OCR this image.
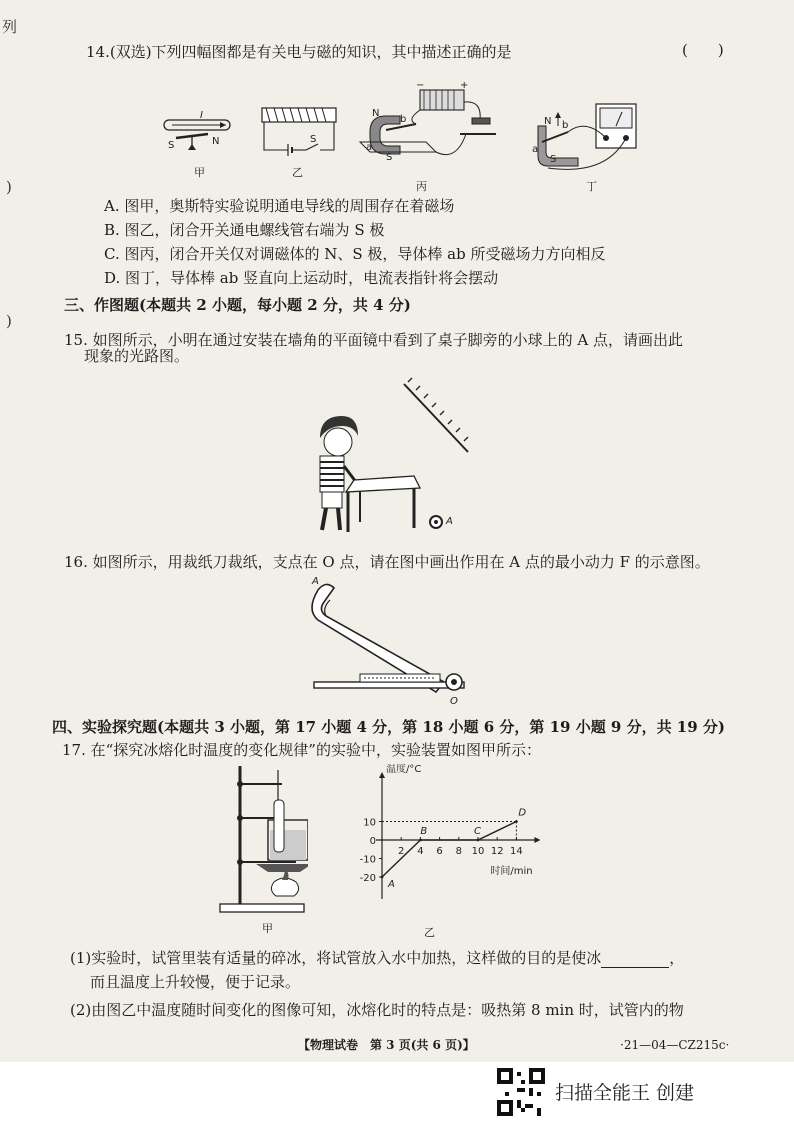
列
)
)
14.(双选)下列四幅图都是有关电与磁的知识，其中描述正确的是	(　　)
S	N
I
甲
S
乙
−	+
N
b
a
S
丙
N b
a
S
丁
A. 图甲，奥斯特实验说明通电导线的周围存在着磁场
B. 图乙，闭合开关通电螺线管右端为 S 极
C. 图丙，闭合开关仅对调磁体的 N、S 极，导体棒 ab 所受磁场力方向相反
D. 图丁，导体棒 ab 竖直向上运动时，电流表指针将会摆动
三、作图题(本题共 2 小题，每小题 2 分，共 4 分)
15. 如图所示，小明在通过安装在墙角的平面镜中看到了桌子脚旁的小球上的 A 点，请画出此
现象的光路图。
A
16. 如图所示，用裁纸刀裁纸，支点在 O 点，请在图中画出作用在 A 点的最小动力 F 的示意图。
A
O
四、实验探究题(本题共 3 小题，第 17 小题 4 分，第 18 小题 6 分，第 19 小题 9 分，共 19 分)
17. 在“探究冰熔化时温度的变化规律”的实验中，实验装置如图甲所示：
甲
温度/°C
时间/min
10
0
-10
-20
2 4 6 8 10 12 14
A
B	C
D
乙
(1)实验时，试管里装有适量的碎冰，将试管放入水中加热，这样做的目的是使冰	，
而且温度上升较慢，便于记录。
(2)由图乙中温度随时间变化的图像可知，冰熔化时的特点是：吸热第 8 min 时，试管内的物
【物理试卷　第 3 页(共 6 页)】	·21—04—CZ215c·
扫描全能王 创建
